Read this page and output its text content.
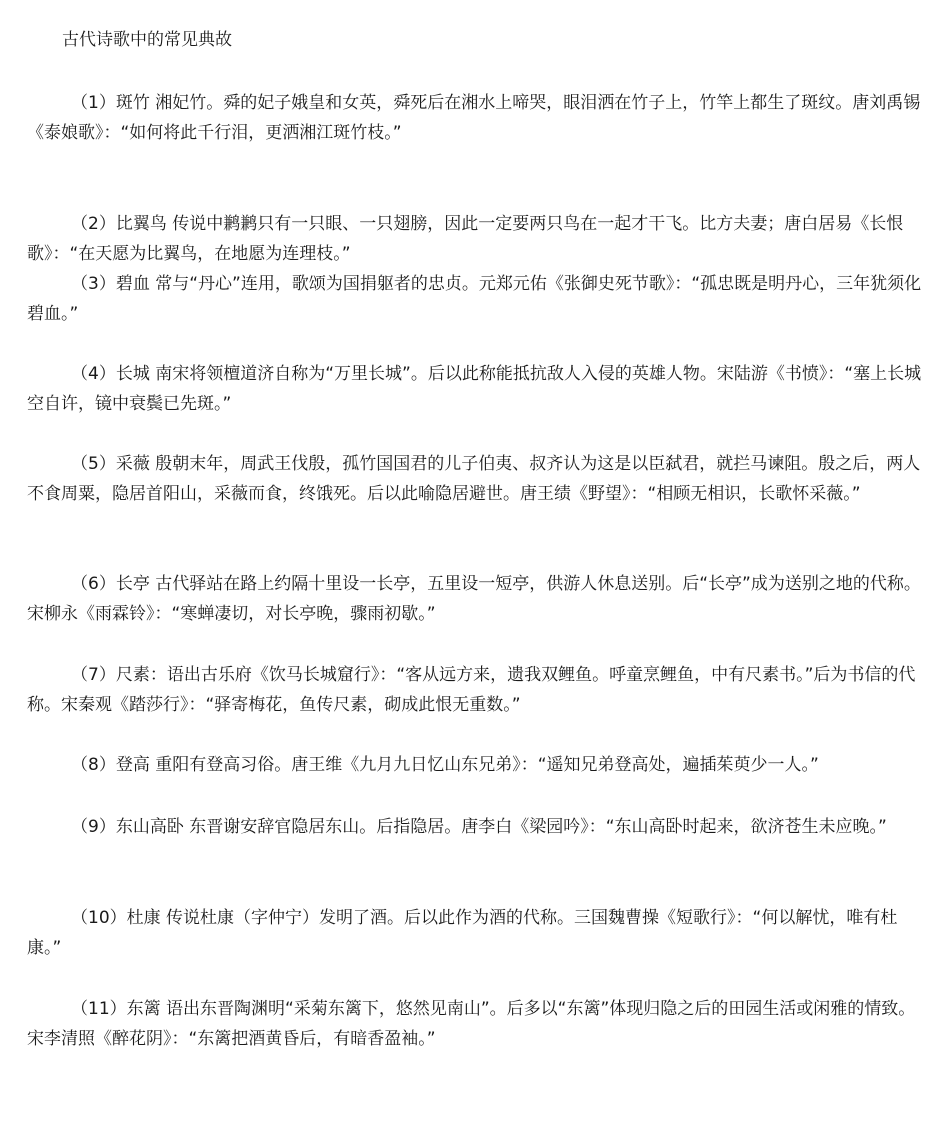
古代诗歌中的常见典故

（1）斑竹 湘妃竹。舜的妃子娥皇和女英，舜死后在湘水上啼哭，眼泪洒在竹子上，竹竿上都生了斑纹。唐刘禹锡《泰娘歌》：“如何将此千行泪，更洒湘江斑竹枝。”

（2）比翼鸟 传说中鹣鹣只有一只眼、一只翅膀，因此一定要两只鸟在一起才干飞。比方夫妻；唐白居易《长恨歌》：“在天愿为比翼鸟，在地愿为连理枝。”

（3）碧血 常与“丹心”连用，歌颂为国捐躯者的忠贞。元郑元佑《张御史死节歌》：“孤忠既是明丹心，三年犹须化碧血。”

（4）长城 南宋将领檀道济自称为“万里长城”。后以此称能抵抗敌人入侵的英雄人物。宋陆游《书愤》：“塞上长城空自许，镜中衰鬓已先斑。”

（5）采薇 殷朝末年，周武王伐殷，孤竹国国君的儿子伯夷、叔齐认为这是以臣弑君，就拦马谏阻。殷之后，两人不食周粟，隐居首阳山，采薇而食，终饿死。后以此喻隐居避世。唐王绩《野望》：“相顾无相识，长歌怀采薇。”

（6）长亭 古代驿站在路上约隔十里设一长亭，五里设一短亭，供游人休息送别。后“长亭”成为送别之地的代称。宋柳永《雨霖铃》：“寒蝉凄切，对长亭晚，骤雨初歇。”

（7）尺素：语出古乐府《饮马长城窟行》：“客从远方来，遗我双鲤鱼。呼童烹鲤鱼，中有尺素书。”后为书信的代称。宋秦观《踏莎行》：“驿寄梅花，鱼传尺素，砌成此恨无重数。”

（8）登高 重阳有登高习俗。唐王维《九月九日忆山东兄弟》：“遥知兄弟登高处，遍插茱萸少一人。”

（9）东山高卧 东晋谢安辞官隐居东山。后指隐居。唐李白《梁园吟》：“东山高卧时起来，欲济苍生未应晚。”

（10）杜康 传说杜康（字仲宁）发明了酒。后以此作为酒的代称。三国魏曹操《短歌行》：“何以解忧，唯有杜康。”

（11）东篱 语出东晋陶渊明“采菊东篱下，悠然见南山”。后多以“东篱”体现归隐之后的田园生活或闲雅的情致。宋李清照《醉花阴》：“东篱把酒黄昏后，有暗香盈袖。”
